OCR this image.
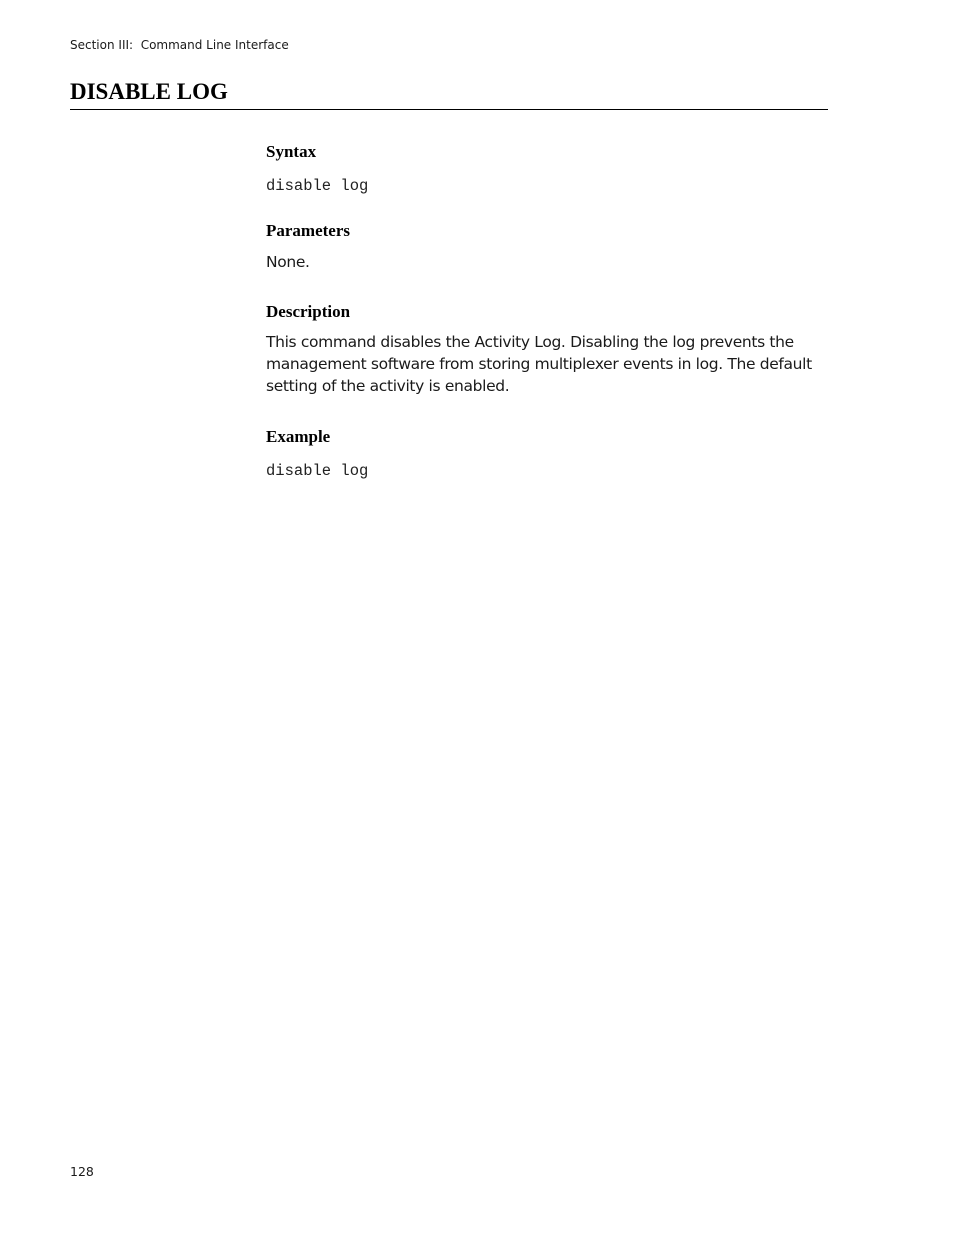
Section III:  Command Line Interface
DISABLE LOG
Syntax
disable log
Parameters

None.

Description

This command disables the Activity Log. Disabling the log prevents the management software from storing multiplexer events in log. The default setting of the activity is enabled.

Example
disable log
128
